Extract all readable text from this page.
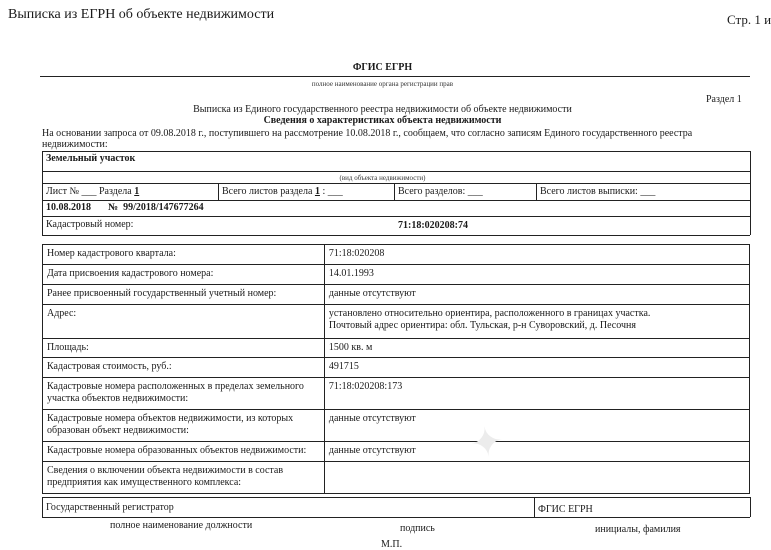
Выписка из ЕГРН об объекте недвижимости	Стр. 1 и
ФГИС ЕГРН
полное наименование органа регистрации прав
Раздел 1
Выписка из Единого государственного реестра недвижимости об объекте недвижимости
Сведения о характеристиках объекта недвижимости
На основании запроса от 09.08.2018 г., поступившего на рассмотрение 10.08.2018 г., сообщаем, что согласно записям Единого государственного реестра
недвижимости:
Земельный участок
(вид объекта недвижимости)
Лист № ___ Раздела 1	Всего листов раздела 1 : ___	Всего разделов: ___	Всего листов выписки: ___
10.08.2018 № 99/2018/147677264
Кадастровый номер:	71:18:020208:74
Номер кадастрового квартала:	71:18:020208
Дата присвоения кадастрового номера:	14.01.1993
Ранее присвоенный государственный учетный номер:	данные отсутствуют
Адрес:	установлено относительно ориентира, расположенного в границах участка.
Почтовый адрес ориентира: обл. Тульская, р-н Суворовский, д. Песочня

Площадь:	1500 кв. м
Кадастровая стоимость, руб.:	491715

Кадастровые номера расположенных в пределах земельного
участка объектов недвижимости:	71:18:020208:173

Кадастровые номера объектов недвижимости, из которых
образован объект недвижимости:	данные отсутствуют
Кадастровые номера образованных объектов недвижимости:	данные отсутствуют

Сведения о включении объекта недвижимости в состав
предприятия как имущественного комплекса:	

✦
Государственный регистратор	ФГИС ЕГРН
полное наименование должности	подпись	инициалы, фамилия
М.П.
